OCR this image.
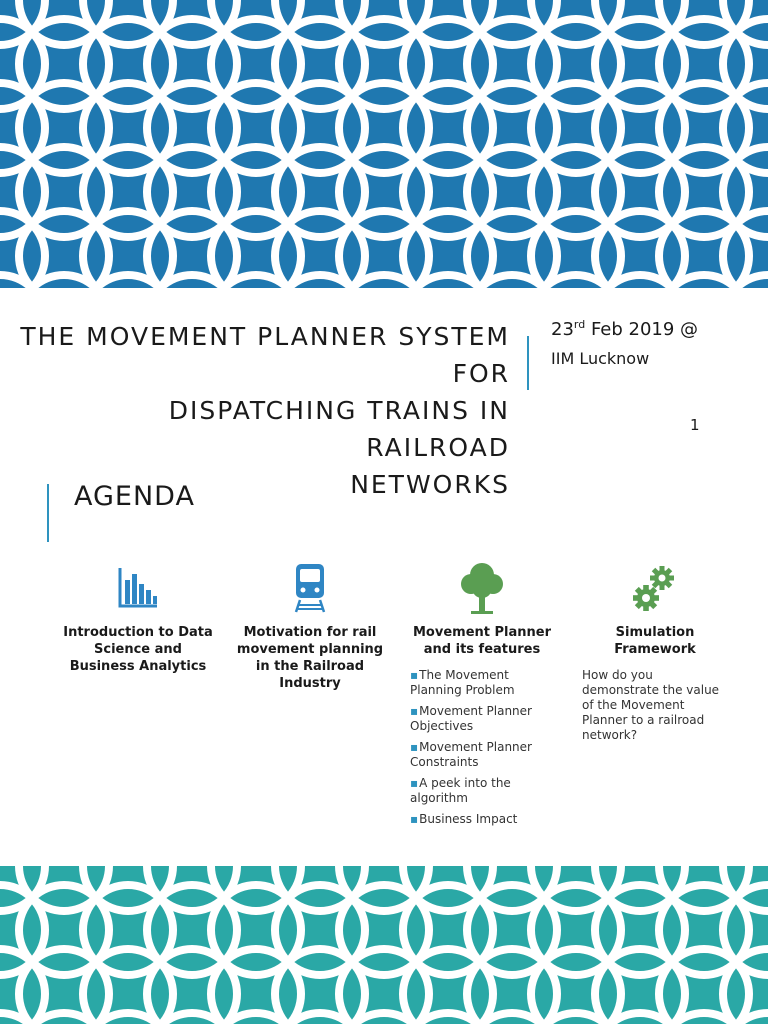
THE MOVEMENT PLANNER SYSTEM FOR
DISPATCHING TRAINS IN RAILROAD
NETWORKS
23rd Feb 2019 @
IIM Lucknow
1
AGENDA
Introduction to Data Science and Business Analytics
Motivation for rail movement planning in the Railroad Industry
Movement Planner and its features
▪ The Movement Planning Problem
▪ Movement Planner Objectives
▪ Movement Planner Constraints
▪ A peek into the algorithm
▪ Business Impact
Simulation Framework
How do you demonstrate the value of the Movement Planner to a railroad network?
